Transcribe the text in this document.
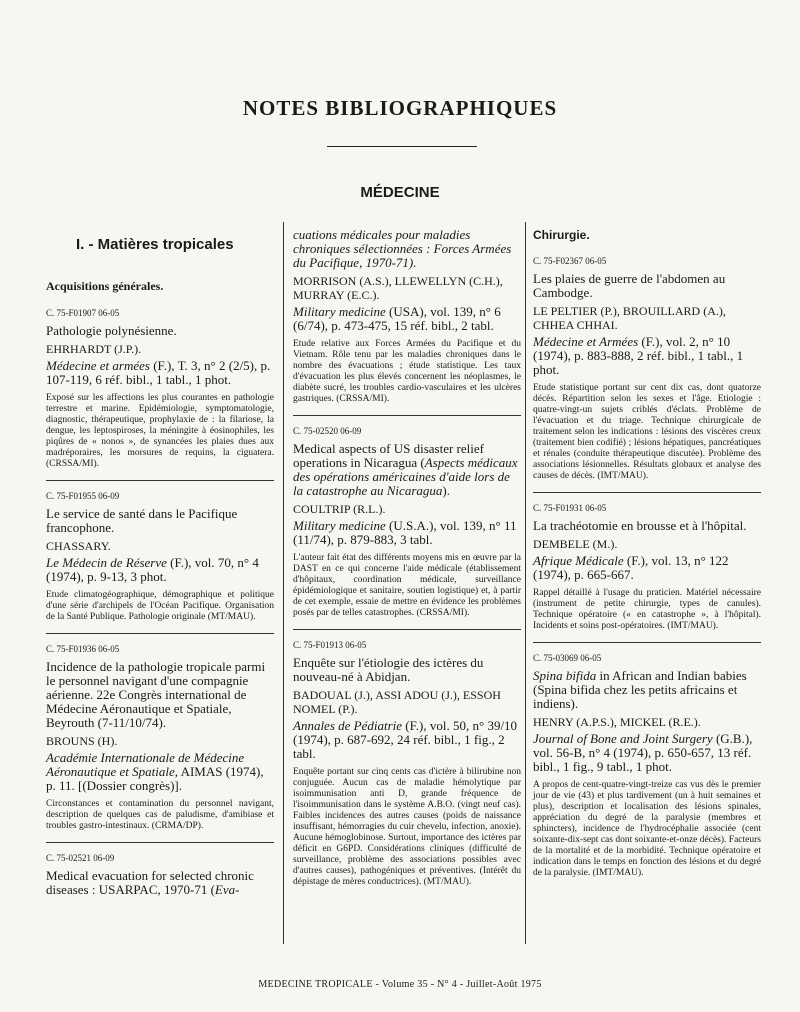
NOTES BIBLIOGRAPHIQUES
MÉDECINE
I. - Matières tropicales
Acquisitions générales.
C. 75-F01907 06-05
Pathologie polynésienne.
EHRHARDT (J.P.).
Médecine et armées (F.), T. 3, n° 2 (2/5), p. 107-119, 6 réf. bibl., 1 tabl., 1 phot.
Exposé sur les affections les plus courantes en pathologie terrestre et marine. Epidémiologie, symptomatologie, diagnostic, thérapeutique, prophylaxie de : la filariose, la dengue, les leptospiroses, la méningite à éosinophiles, les piqûres de « nonos », de synancées les plaies dues aux madréporaires, les morsures de requins, la ciguatera. (CRSSA/MI).
C. 75-F01955 06-09
Le service de santé dans le Pacifique francophone.
CHASSARY.
Le Médecin de Réserve (F.), vol. 70, n° 4 (1974), p. 9-13, 3 phot.
Etude climatogéographique, démographique et politique d'une série d'archipels de l'Océan Pacifique. Organisation de la Santé Publique. Pathologie originale (MT/MAU).
C. 75-F01936 06-05
Incidence de la pathologie tropicale parmi le personnel navigant d'une compagnie aérienne. 22e Congrès international de Médecine Aéronautique et Spatiale, Beyrouth (7-11/10/74).
BROUNS (H).
Académie Internationale de Médecine Aéronautique et Spatiale, AIMAS (1974), p. 11. [(Dossier congrès)].
Circonstances et contamination du personnel navigant, description de quelques cas de paludisme, d'amibiase et troubles gastro-intestinaux. (CRMA/DP).
C. 75-02521 06-09
Medical evacuation for selected chronic diseases : USARPAC, 1970-71 (Eva-
cuations médicales pour maladies chroniques sélectionnées : Forces Armées du Pacifique, 1970-71).
MORRISON (A.S.), LLEWELLYN (C.H.), MURRAY (E.C.).
Military medicine (USA), vol. 139, n° 6 (6/74), p. 473-475, 15 réf. bibl., 2 tabl.
Etude relative aux Forces Armées du Pacifique et du Vietnam. Rôle tenu par les maladies chroniques dans le nombre des évacuations ; étude statistique. Les taux d'évacuation les plus élevés concernent les néoplasmes, le diabète sucré, les troubles cardio-vasculaires et les ulcères gastriques. (CRSSA/MI).
C. 75-02520 06-09
Medical aspects of US disaster relief operations in Nicaragua (Aspects médicaux des opérations américaines d'aide lors de la catastrophe au Nicaragua).
COULTRIP (R.L.).
Military medicine (U.S.A.), vol. 139, n° 11 (11/74), p. 879-883, 3 tabl.
L'auteur fait état des différents moyens mis en œuvre par la DAST en ce qui concerne l'aide médicale (établissement d'hôpitaux, coordination médicale, surveillance épidémiologique et sanitaire, soutien logistique) et, à partir de cet exemple, essaie de mettre en évidence les problèmes posés par de telles catastrophes. (CRSSA/MI).
C. 75-F01913 06-05
Enquête sur l'étiologie des ictères du nouveau-né à Abidjan.
BADOUAL (J.), ASSI ADOU (J.), ESSOH NOMEL (P.).
Annales de Pédiatrie (F.), vol. 50, n° 39/10 (1974), p. 687-692, 24 réf. bibl., 1 fig., 2 tabl.
Enquête portant sur cinq cents cas d'ictère à bilirubine non conjuguée. Aucun cas de maladie hémolytique par isoimmunisation anti D, grande fréquence de l'isoimmunisation dans le système A.B.O. (vingt neuf cas). Faibles incidences des autres causes (poids de naissance insuffisant, hémorragies du cuir chevelu, infection, anoxie). Aucune hémoglobinose. Surtout, importance des ictères par déficit en G6PD. Considérations cliniques (difficulté de surveillance, problème des associations possibles avec d'autres causes), pathogéniques et préventives. (Intérêt du dépistage de mères conductrices). (MT/MAU).
Chirurgie.
C. 75-F02367 06-05
Les plaies de guerre de l'abdomen au Cambodge.
LE PELTIER (P.), BROUILLARD (A.), CHHEA CHHAI.
Médecine et Armées (F.), vol. 2, n° 10 (1974), p. 883-888, 2 réf. bibl., 1 tabl., 1 phot.
Etude statistique portant sur cent dix cas, dont quatorze décès. Répartition selon les sexes et l'âge. Etiologie : quatre-vingt-un sujets criblés d'éclats. Problème de l'évacuation et du triage. Technique chirurgicale de traitement selon les indications : lésions des viscères creux (traitement bien codifié) ; lésions hépatiques, pancréatiques et rénales (conduite thérapeutique discutée). Problème des associations lésionnelles. Résultats globaux et analyse des causes de décès. (IMT/MAU).
C. 75-F01931 06-05
La trachéotomie en brousse et à l'hôpital.
DEMBELE (M.).
Afrique Médicale (F.), vol. 13, n° 122 (1974), p. 665-667.
Rappel détaillé à l'usage du praticien. Matériel nécessaire (instrument de petite chirurgie, types de canules). Technique opératoire (« en catastrophe », à l'hôpital). Incidents et soins post-opératoires. (IMT/MAU).
C. 75-03069 06-05
Spina bifida in African and Indian babies (Spina bifida chez les petits africains et indiens).
HENRY (A.P.S.), MICKEL (R.E.).
Journal of Bone and Joint Surgery (G.B.), vol. 56-B, n° 4 (1974), p. 650-657, 13 réf. bibl., 1 fig., 9 tabl., 1 phot.
A propos de cent-quatre-vingt-treize cas vus dès le premier jour de vie (43) et plus tardivement (un à huit semaines et plus), description et localisation des lésions spinales, appréciation du degré de la paralysie (membres et sphincters), incidence de l'hydrocéphalie associée (cent soixante-dix-sept cas dont soixante-et-onze décès). Facteurs de la mortalité et de la morbidité. Technique opératoire et indication dans le temps en fonction des lésions et du degré de la paralysie. (IMT/MAU).
MEDECINE TROPICALE - Volume 35 - N° 4 - Juillet-Août 1975
